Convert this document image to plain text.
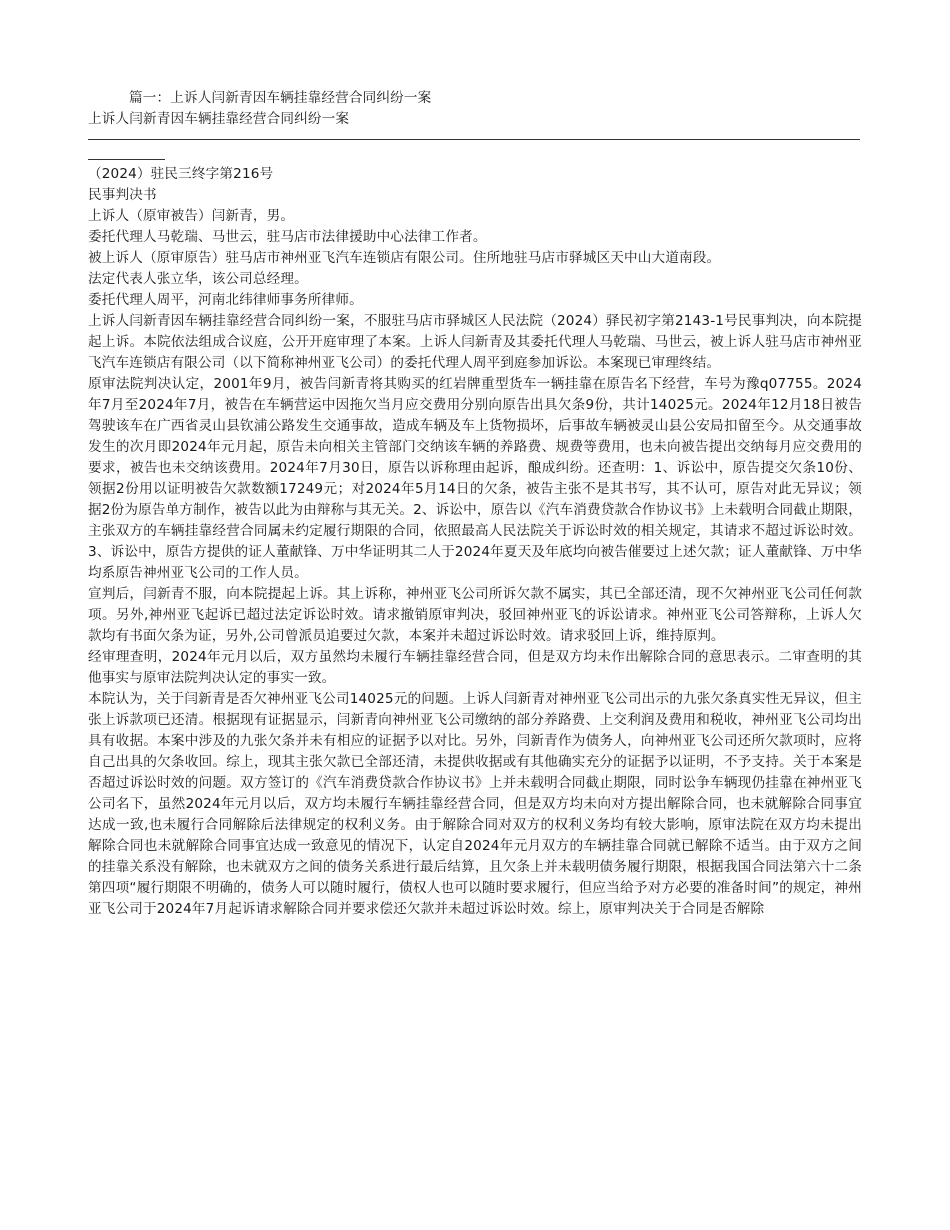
篇一：上诉人闫新青因车辆挂靠经营合同纠纷一案

上诉人闫新青因车辆挂靠经营合同纠纷一案

（2024）驻民三终字第216号

民事判决书

上诉人（原审被告）闫新青，男。

委托代理人马乾瑞、马世云，驻马店市法律援助中心法律工作者。

被上诉人（原审原告）驻马店市神州亚飞汽车连锁店有限公司。住所地驻马店市驿城区天中山大道南段。

法定代表人张立华，该公司总经理。

委托代理人周平，河南北纬律师事务所律师。

上诉人闫新青因车辆挂靠经营合同纠纷一案，不服驻马店市驿城区人民法院（2024）驿民初字第2143-1号民事判决，向本院提起上诉。本院依法组成合议庭，公开开庭审理了本案。上诉人闫新青及其委托代理人马乾瑞、马世云，被上诉人驻马店市神州亚飞汽车连锁店有限公司（以下简称神州亚飞公司）的委托代理人周平到庭参加诉讼。本案现已审理终结。

原审法院判决认定，2001年9月，被告闫新青将其购买的红岩牌重型货车一辆挂靠在原告名下经营，车号为豫q07755。2024年7月至2024年7月，被告在车辆营运中因拖欠当月应交费用分别向原告出具欠条9份，共计14025元。2024年12月18日被告驾驶该车在广西省灵山县钦浦公路发生交通事故，造成车辆及车上货物损坏，后事故车辆被灵山县公安局扣留至今。从交通事故发生的次月即2024年元月起，原告未向相关主管部门交纳该车辆的养路费、规费等费用，也未向被告提出交纳每月应交费用的要求，被告也未交纳该费用。2024年7月30日，原告以诉称理由起诉，酿成纠纷。还查明：1、诉讼中，原告提交欠条10份、领据2份用以证明被告欠款数额17249元；对2024年5月14日的欠条，被告主张不是其书写，其不认可，原告对此无异议；领据2份为原告单方制作，被告以此为由辩称与其无关。2、诉讼中，原告以《汽车消费贷款合作协议书》上未载明合同截止期限，主张双方的车辆挂靠经营合同属未约定履行期限的合同，依照最高人民法院关于诉讼时效的相关规定，其请求不超过诉讼时效。3、诉讼中，原告方提供的证人董献锋、万中华证明其二人于2024年夏天及年底均向被告催要过上述欠款；证人董献锋、万中华均系原告神州亚飞公司的工作人员。

宣判后，闫新青不服，向本院提起上诉。其上诉称，神州亚飞公司所诉欠款不属实，其已全部还清，现不欠神州亚飞公司任何款项。另外,神州亚飞起诉已超过法定诉讼时效。请求撤销原审判决，驳回神州亚飞的诉讼请求。神州亚飞公司答辩称，上诉人欠款均有书面欠条为证，另外,公司曾派员追要过欠款，本案并未超过诉讼时效。请求驳回上诉，维持原判。

经审理查明，2024年元月以后，双方虽然均未履行车辆挂靠经营合同，但是双方均未作出解除合同的意思表示。二审查明的其他事实与原审法院判决认定的事实一致。

本院认为，关于闫新青是否欠神州亚飞公司14025元的问题。上诉人闫新青对神州亚飞公司出示的九张欠条真实性无异议，但主张上诉款项已还清。根据现有证据显示，闫新青向神州亚飞公司缴纳的部分养路费、上交利润及费用和税收，神州亚飞公司均出具有收据。本案中涉及的九张欠条并未有相应的证据予以对比。另外，闫新青作为债务人，向神州亚飞公司还所欠款项时，应将自己出具的欠条收回。综上，现其主张欠款已全部还清，未提供收据或有其他确实充分的证据予以证明，不予支持。关于本案是否超过诉讼时效的问题。双方签订的《汽车消费贷款合作协议书》上并未载明合同截止期限，同时讼争车辆现仍挂靠在神州亚飞公司名下，虽然2024年元月以后，双方均未履行车辆挂靠经营合同，但是双方均未向对方提出解除合同，也未就解除合同事宜达成一致,也未履行合同解除后法律规定的权利义务。由于解除合同对双方的权利义务均有较大影响，原审法院在双方均未提出解除合同也未就解除合同事宜达成一致意见的情况下，认定自2024年元月双方的车辆挂靠合同就已解除不适当。由于双方之间的挂靠关系没有解除，也未就双方之间的债务关系进行最后结算，且欠条上并未载明债务履行期限，根据我国合同法第六十二条第四项“履行期限不明确的，债务人可以随时履行，债权人也可以随时要求履行，但应当给予对方必要的准备时间”的规定，神州亚飞公司于2024年7月起诉请求解除合同并要求偿还欠款并未超过诉讼时效。综上，原审判决关于合同是否解除
